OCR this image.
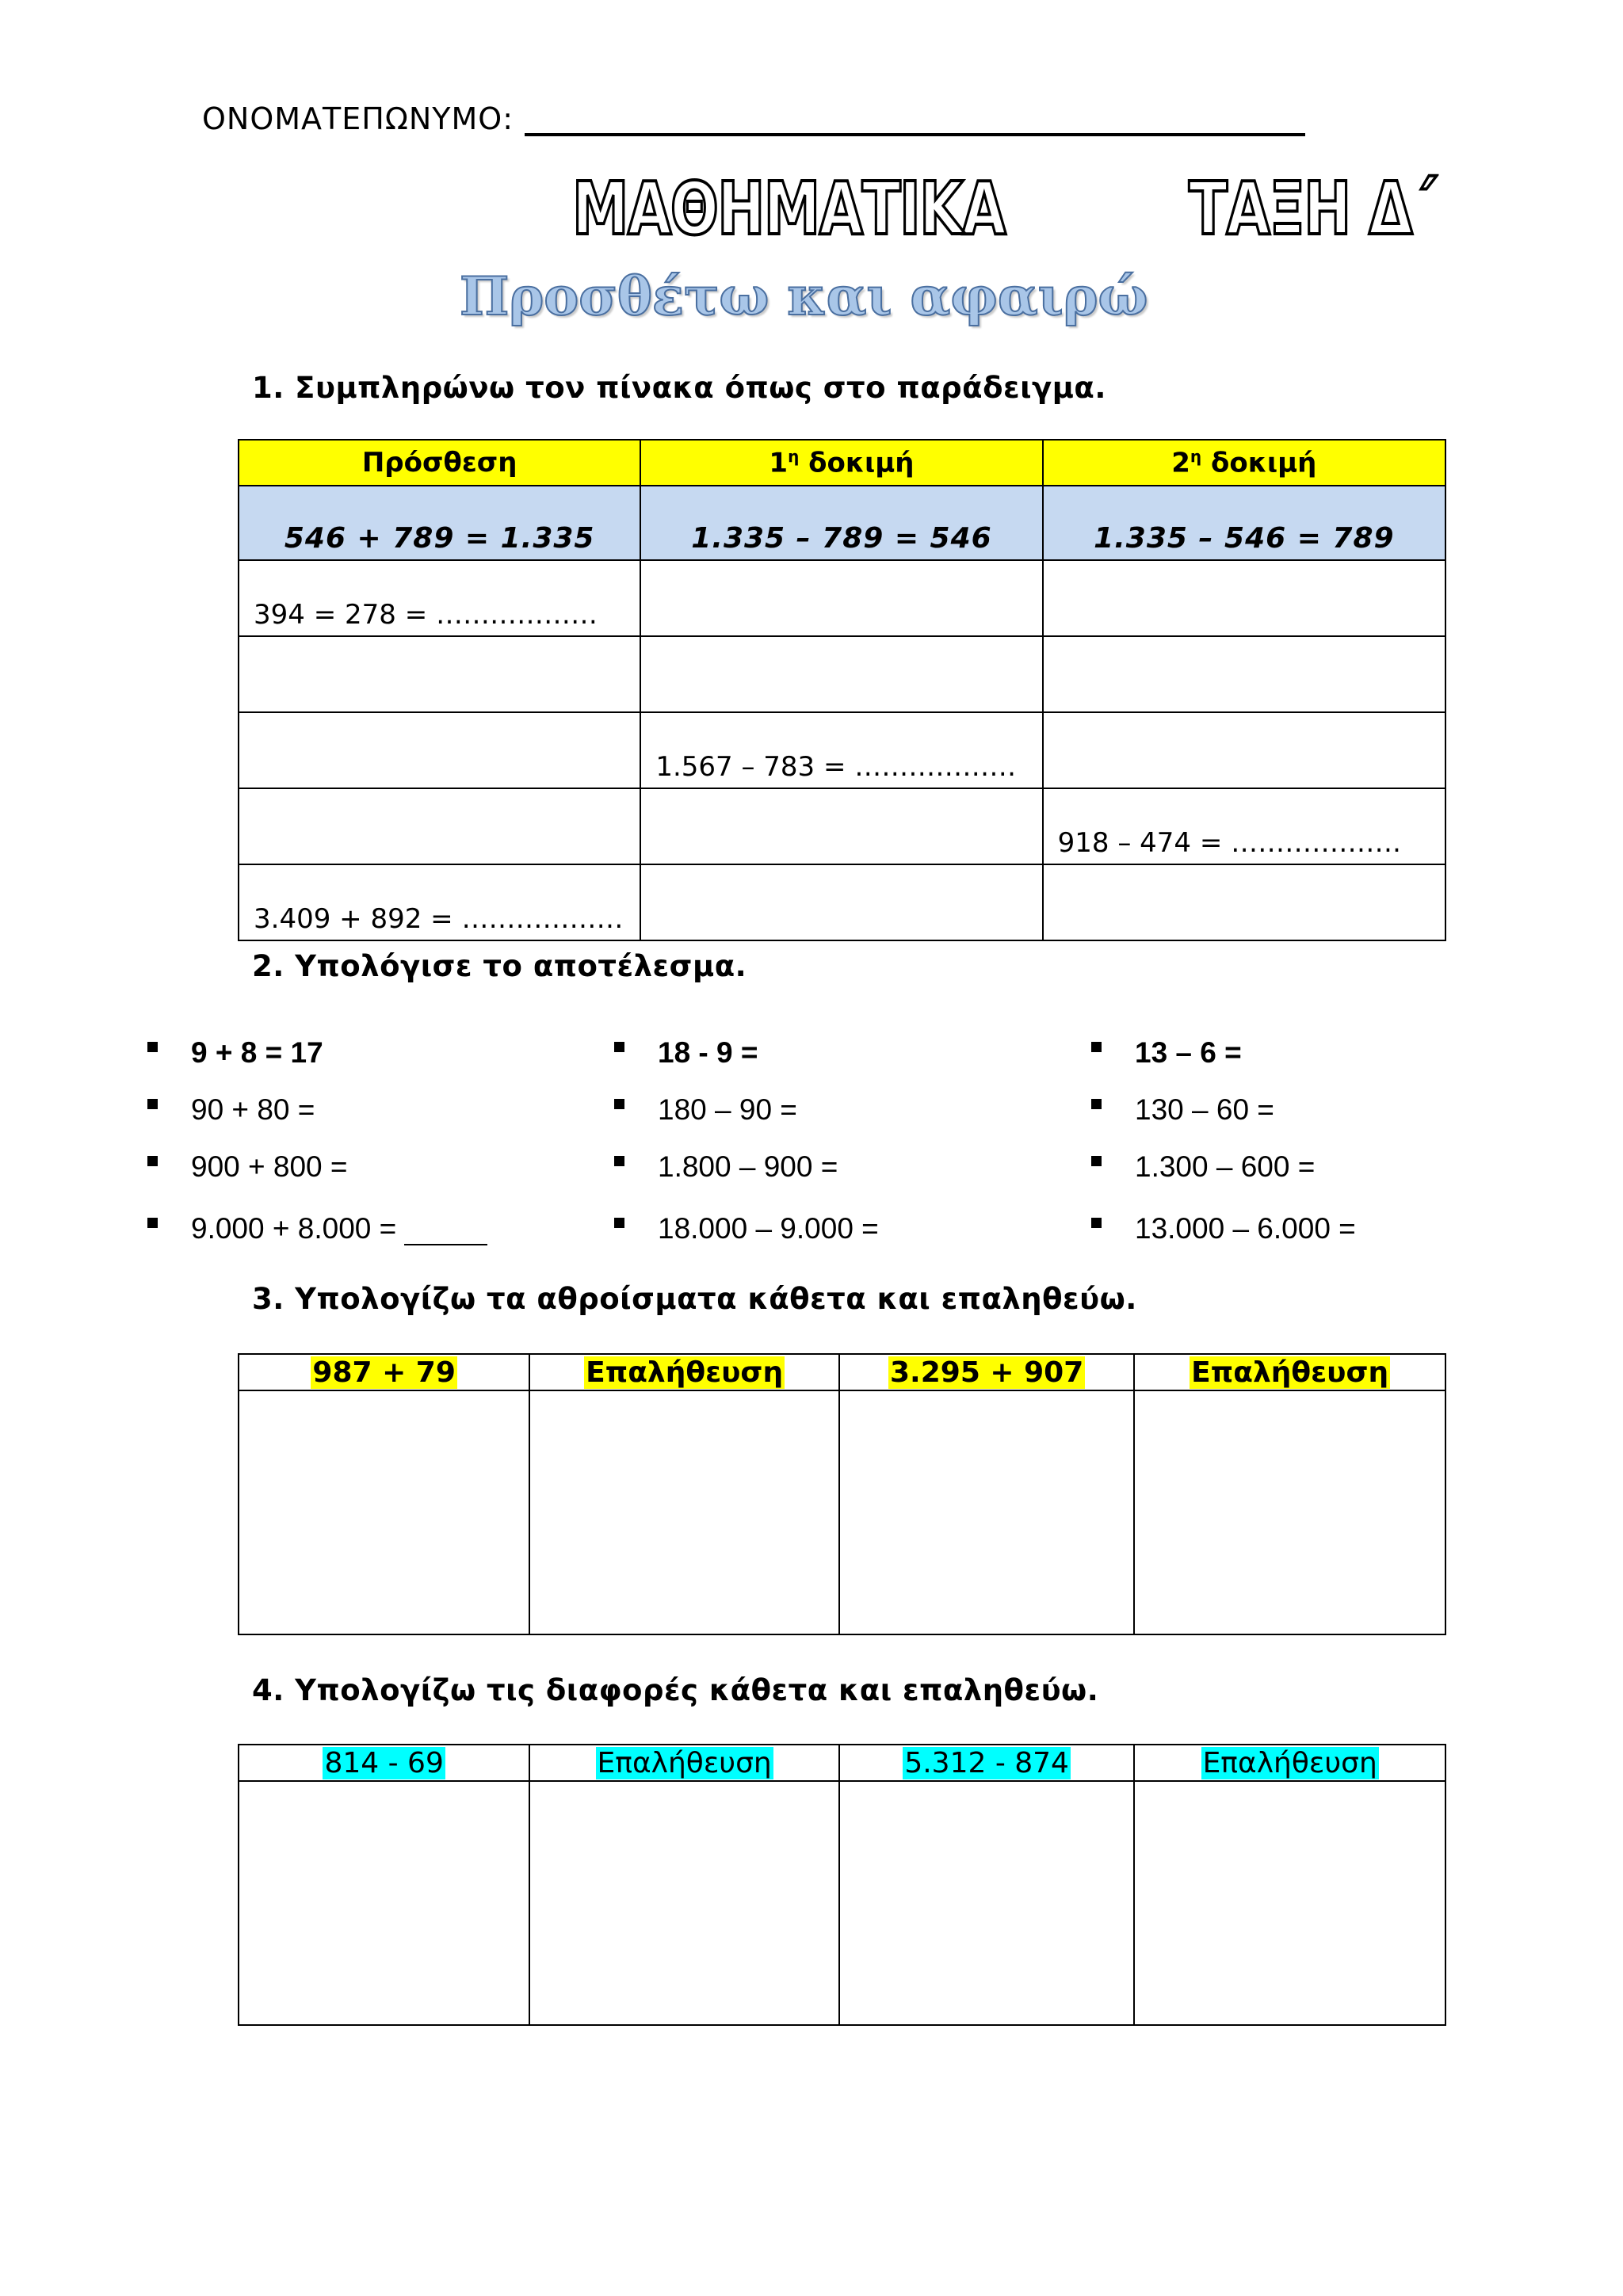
ΟΝΟΜΑΤΕΠΩΝΥΜΟ:
ΜΑΘΗΜΑΤΙΚΑ	ΤΑΞΗ Δ΄
Προσθέτω και αφαιρώ
1. Συμπληρώνω τον πίνακα όπως στο παράδειγμα.
Πρόσθεση	$1^\eta$ δοκιμή	$2^\eta$ δοκιμή
546 + 789 = 1.335	1.335 – 789 = 546	1.335 – 546 = 789
394 = 278 = ………………		

	1.567 – 783 = ………………	
		918 – 474 = ……………….
3.409 + 892 = ………………		
2. Υπολόγισε το αποτέλεσμα.
9 + 8 = 17
90 + 80 =
900 + 800 =
9.000 + 8.000 =
18 - 9 =
180 – 90 =
1.800 – 900 =
18.000 – 9.000 =
13 – 6 =
130 – 60 =
1.300 – 600 =
13.000 – 6.000 =
3. Υπολογίζω τα αθροίσματα κάθετα και επαληθεύω.
987 + 79	Επαλήθευση	3.295 + 907	Επαλήθευση

4. Υπολογίζω τις διαφορές κάθετα και επαληθεύω.
814 - 69	Επαλήθευση	5.312 - 874	Επαλήθευση
